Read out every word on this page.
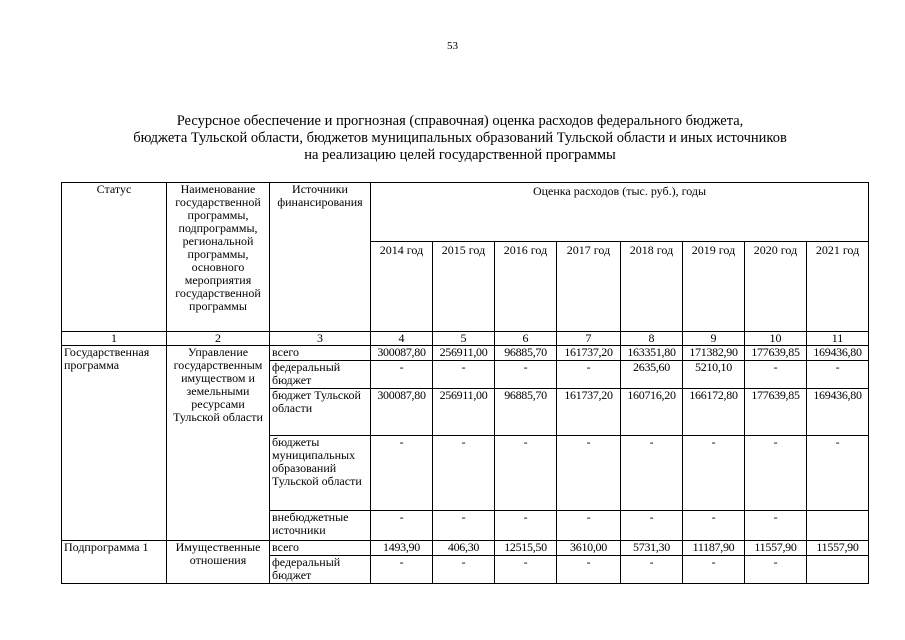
53
Ресурсное обеспечение и прогнозная (справочная) оценка расходов федерального бюджета,
бюджета Тульской области, бюджетов муниципальных образований Тульской области и иных источников
на реализацию целей государственной программы
Статус	Наименование государственной программы, подпрограммы, региональной программы, основного мероприятия государственной программы	Источники финансирования	Оценка расходов (тыс. руб.), годы							
			2014 год	2015 год	2016 год	2017 год	2018 год	2019 год	2020 год	2021 год
1	2	3	4	5	6	7	8	9	10	11
Государственная программа	Управление государственным имуществом и земельными ресурсами Тульской области	всего	300087,80	256911,00	96885,70	161737,20	163351,80	171382,90	177639,85	169436,80
		федеральный бюджет	-	-	-	-	2635,60	5210,10	-	-
		бюджет Тульской области	300087,80	256911,00	96885,70	161737,20	160716,20	166172,80	177639,85	169436,80
		бюджеты муниципальных образований Тульской области	-	-	-	-	-	-	-	-
		внебюджетные источники	-	-	-	-	-	-	-	
Подпрограмма 1	Имущественные отношения	всего	1493,90	406,30	12515,50	3610,00	5731,30	11187,90	11557,90	11557,90
		федеральный бюджет	-	-	-	-	-	-	-	
